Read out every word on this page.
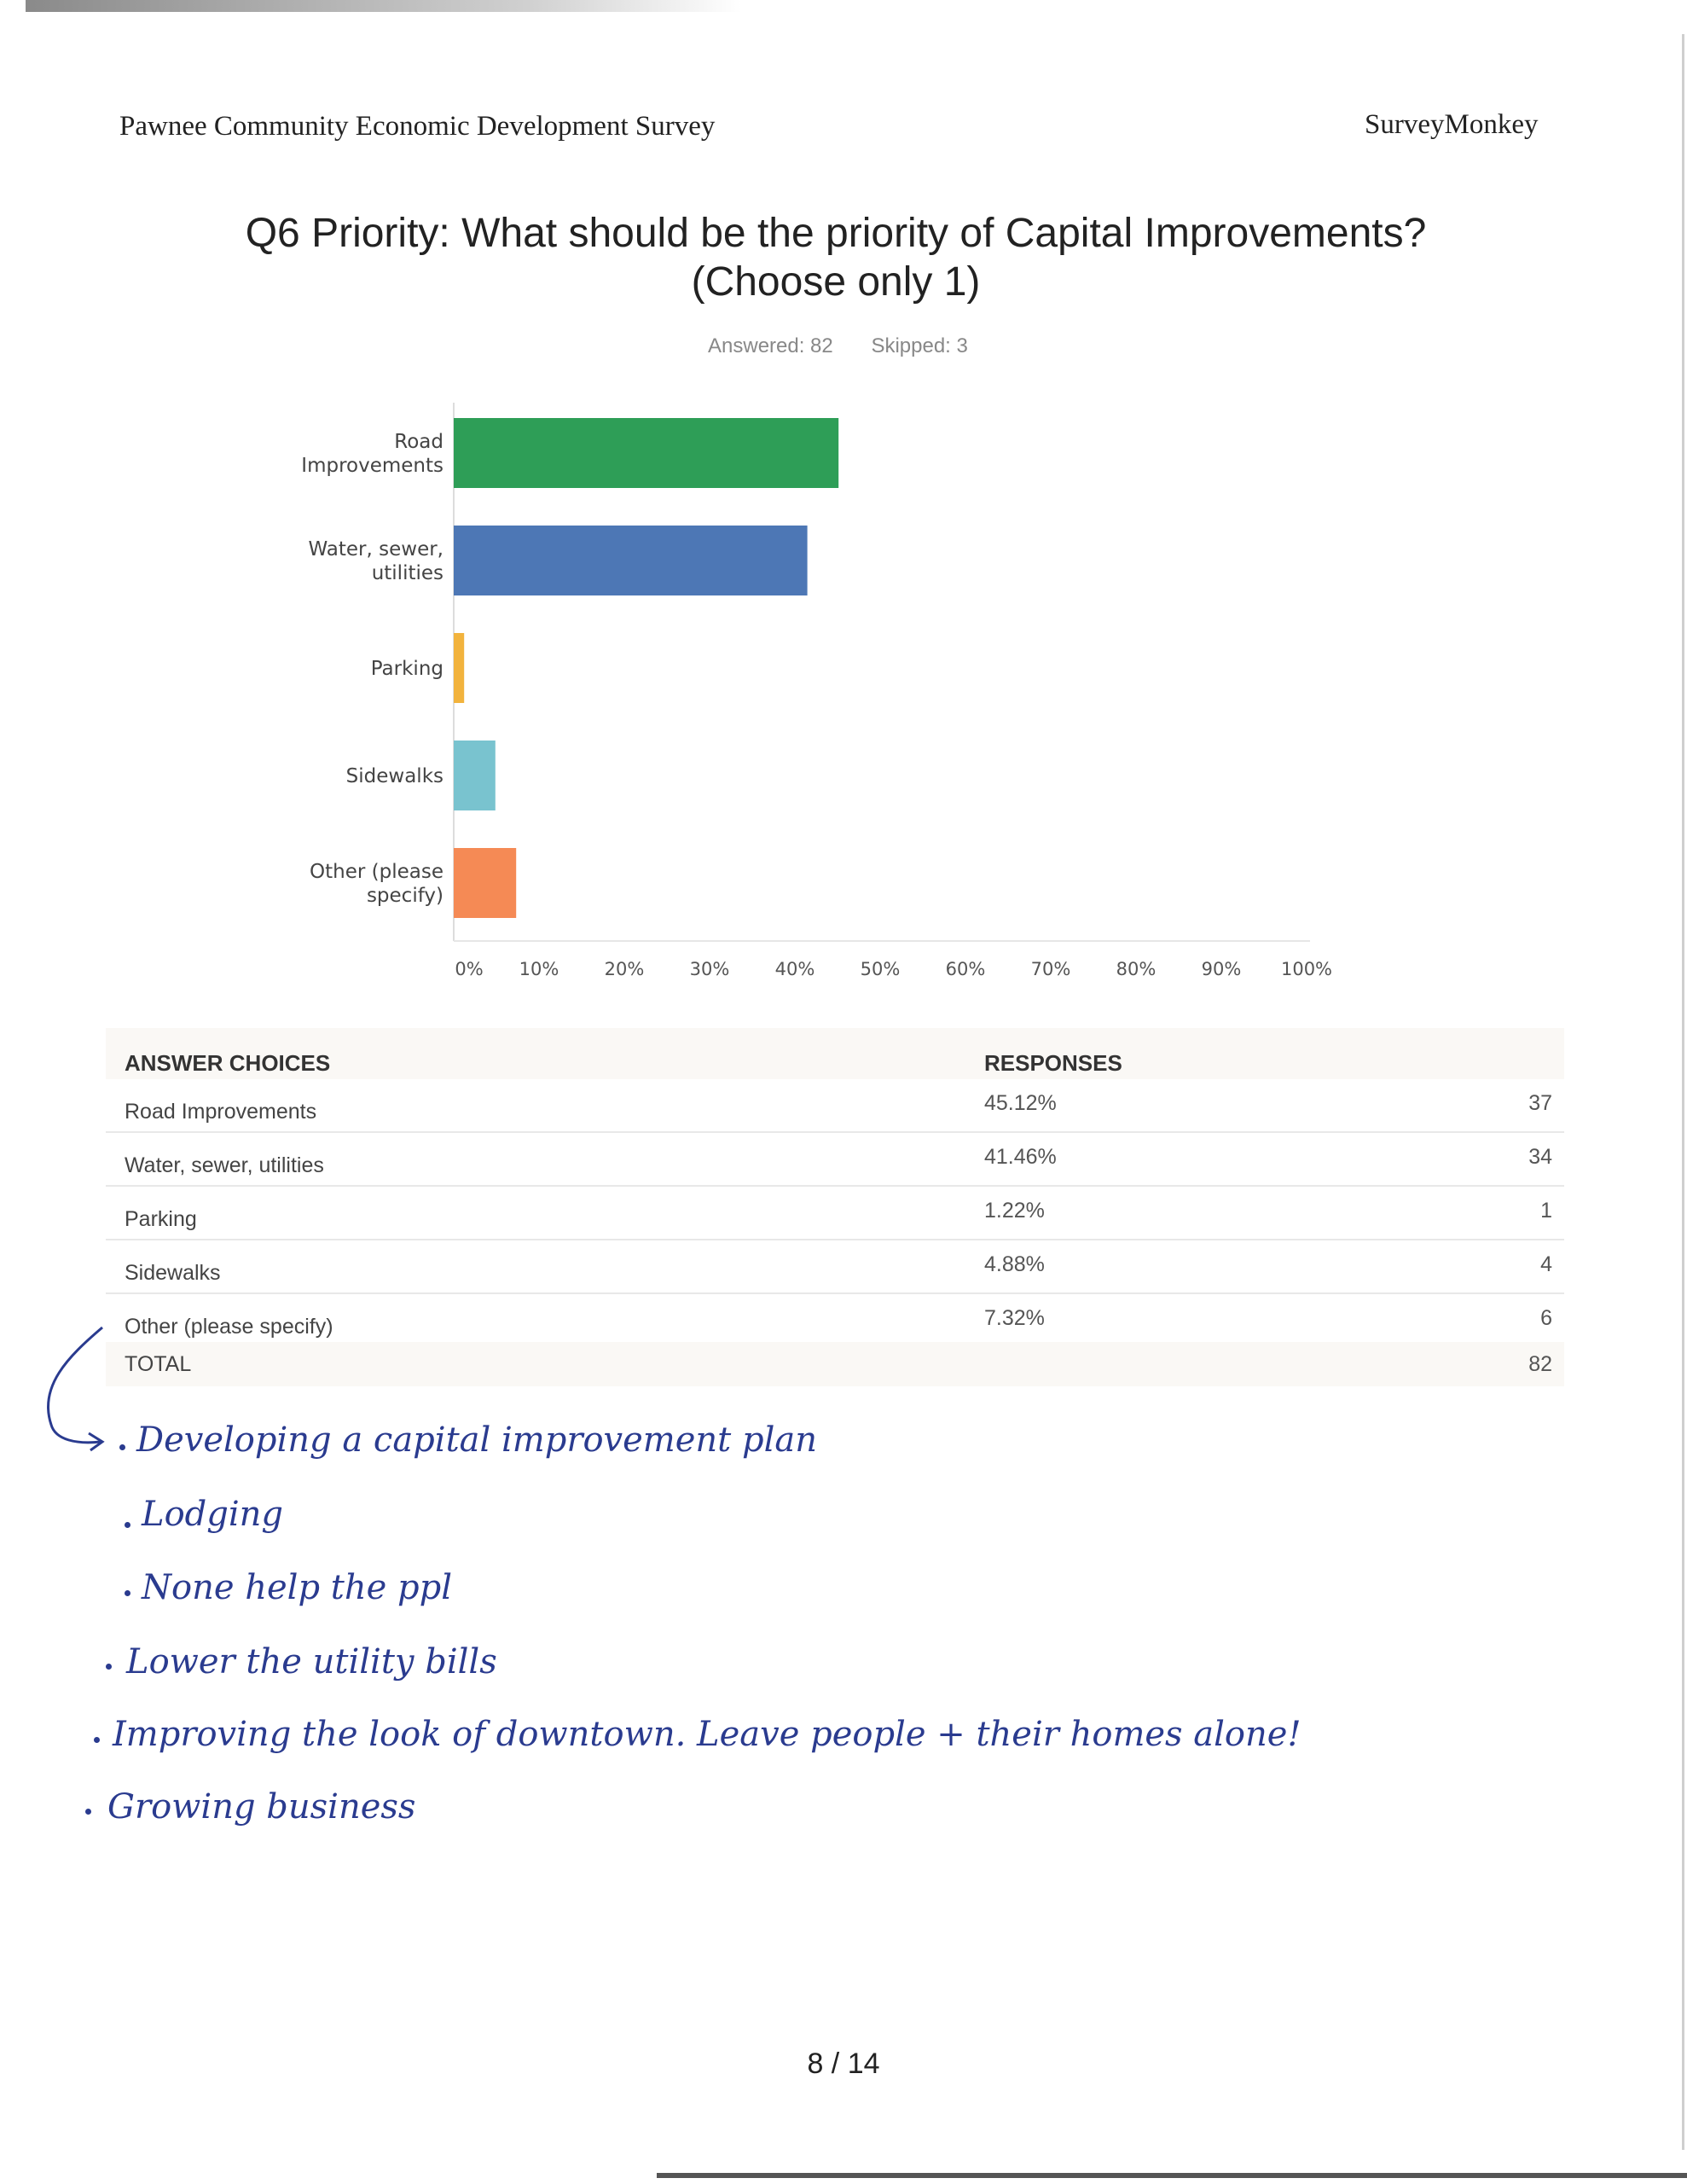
Pawnee Community Economic Development Survey	SurveyMonkey
Q6 Priority: What should be the priority of Capital Improvements?
(Choose only 1)
Answered: 82 Skipped: 3
Road
Improvements
Water, sewer,
utilities
Parking
Sidewalks
Other (please
specify)
0% 10%	20%	30%	40%	50%	60%	70%	80%	90% 100%
ANSWER CHOICES	RESPONSES
Road Improvements	45.12%	37
Water, sewer, utilities	41.46%	34
Parking	1.22%	1
Sidewalks	4.88%	4
Other (please specify)	7.32%	6
TOTAL	82
Developing a capital improvement plan
Lodging
None help the ppl
Lower the utility bills
Improving the look of downtown. Leave people + their homes alone!
Growing business
8 / 14
